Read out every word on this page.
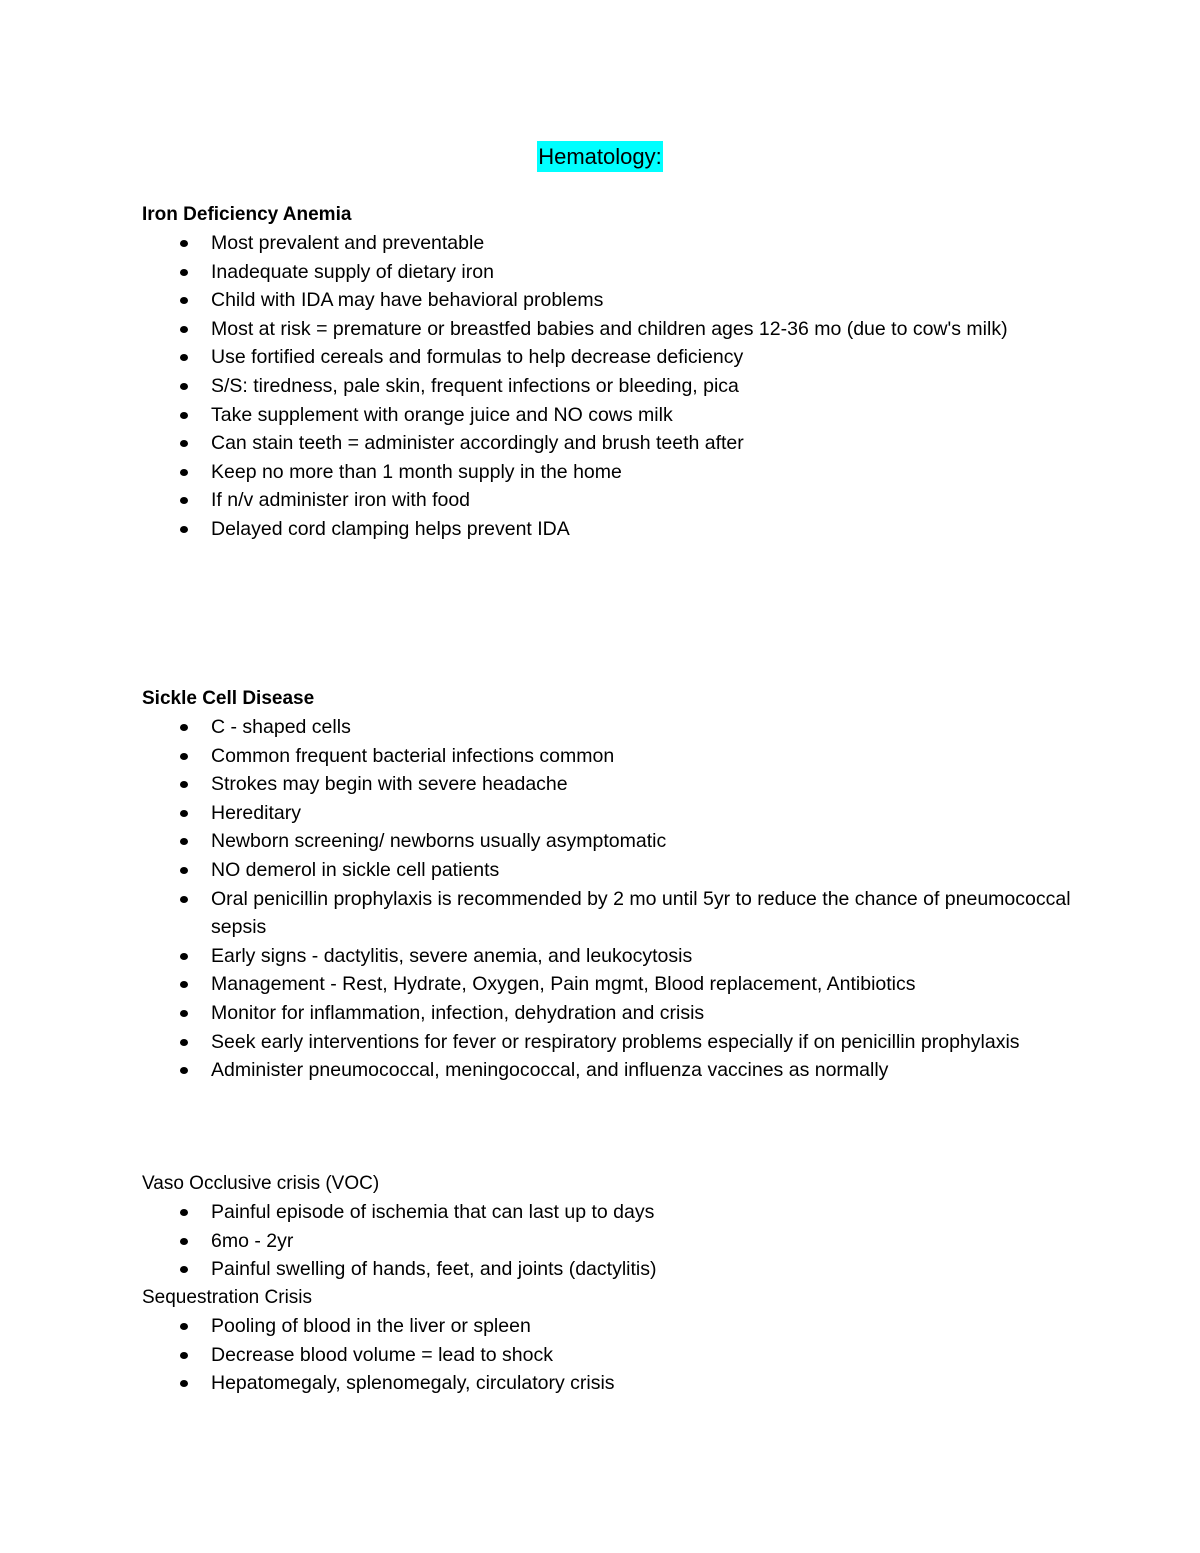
Hematology:

Iron Deficiency Anemia

Most prevalent and preventable
Inadequate supply of dietary iron
Child with IDA may have behavioral problems
Most at risk = premature or breastfed babies and children ages 12-36 mo (due to cow's milk)
Use fortified cereals and formulas to help decrease deficiency
S/S: tiredness, pale skin, frequent infections or bleeding, pica
Take supplement with orange juice and NO cows milk
Can stain teeth = administer accordingly and brush teeth after
Keep no more than 1 month supply in the home
If n/v administer iron with food
Delayed cord clamping helps prevent IDA

Sickle Cell Disease

C - shaped cells
Common frequent bacterial infections common
Strokes may begin with severe headache
Hereditary
Newborn screening/ newborns usually asymptomatic
NO demerol in sickle cell patients
Oral penicillin prophylaxis is recommended by 2 mo until 5yr to reduce the chance of pneumococcal sepsis
Early signs - dactylitis, severe anemia, and leukocytosis
Management - Rest, Hydrate, Oxygen, Pain mgmt, Blood replacement, Antibiotics
Monitor for inflammation, infection, dehydration and crisis
Seek early interventions for fever or respiratory problems especially if on penicillin prophylaxis
Administer pneumococcal, meningococcal, and influenza vaccines as normally

Vaso Occlusive crisis (VOC)

Painful episode of ischemia that can last up to days
6mo - 2yr
Painful swelling of hands, feet, and joints (dactylitis)

Sequestration Crisis

Pooling of blood in the liver or spleen
Decrease blood volume = lead to shock
Hepatomegaly, splenomegaly, circulatory crisis
